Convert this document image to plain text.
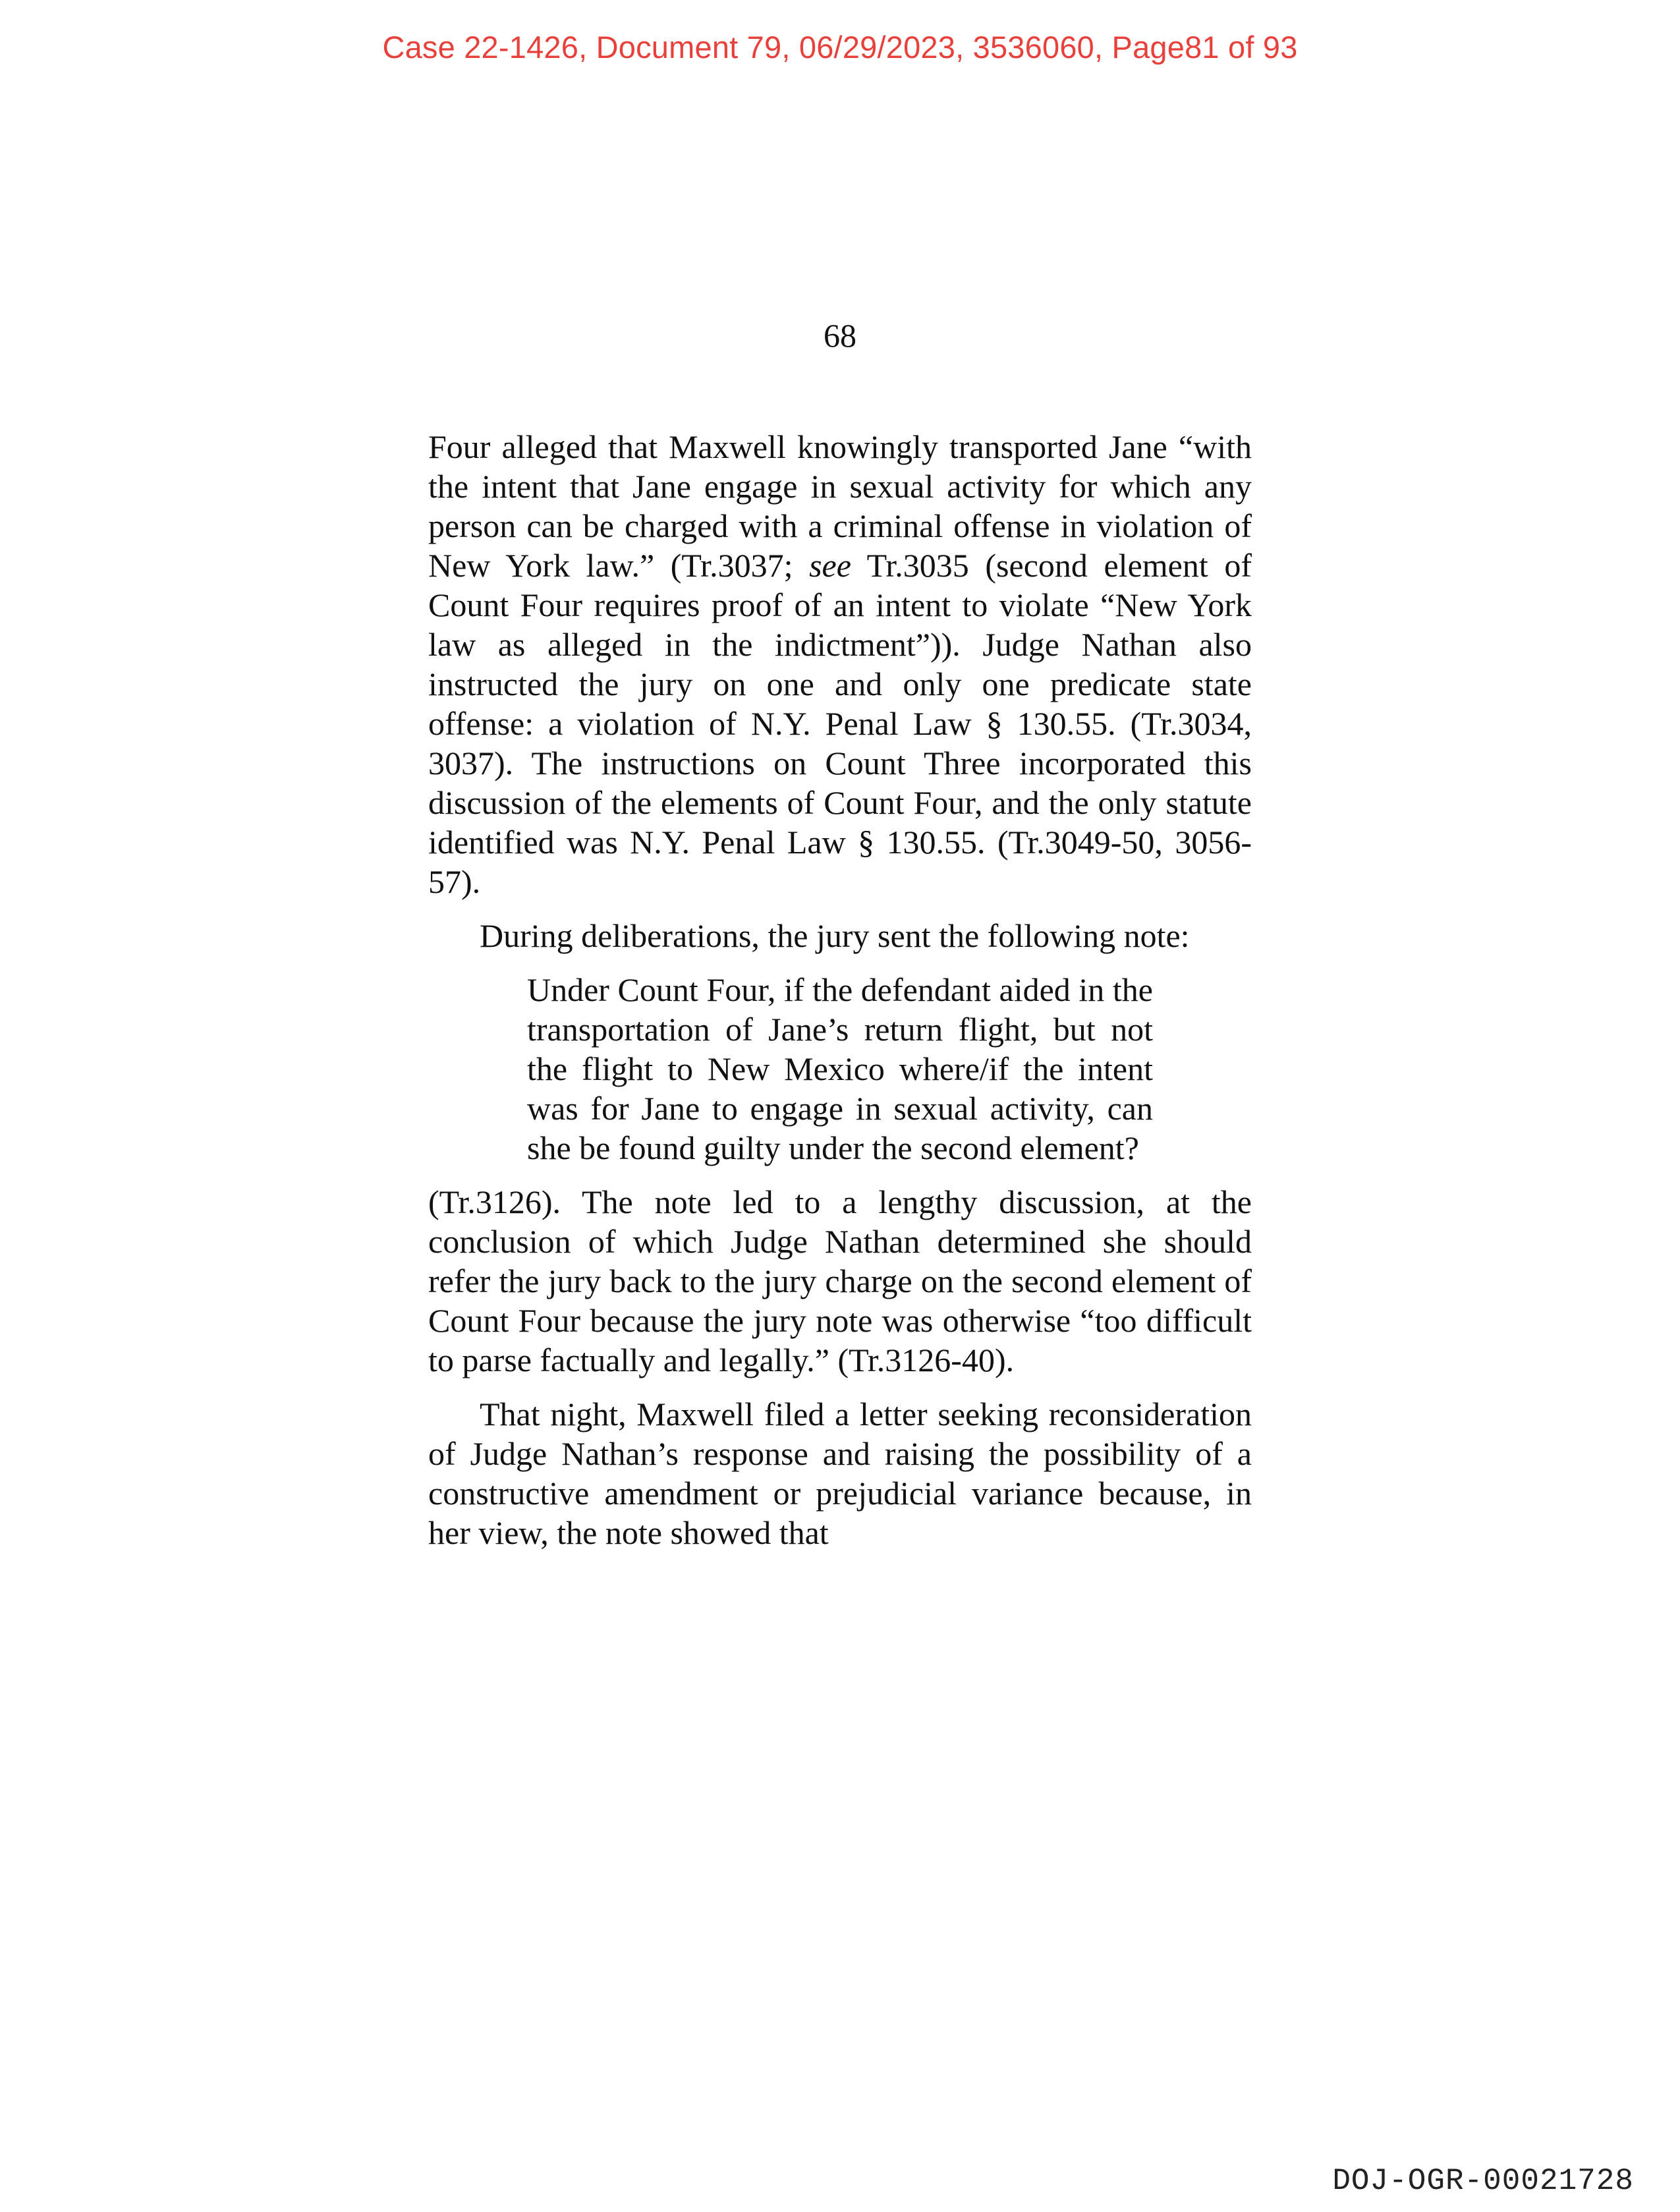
Case 22-1426, Document 79, 06/29/2023, 3536060, Page81 of 93
68

Four alleged that Maxwell knowingly transported Jane “with the intent that Jane engage in sexual activity for which any person can be charged with a criminal offense in violation of New York law.” (Tr.3037; see Tr.3035 (second element of Count Four requires proof of an intent to violate “New York law as alleged in the indictment”)). Judge Nathan also instructed the jury on one and only one predicate state offense: a violation of N.Y. Penal Law § 130.55. (Tr.3034, 3037). The instructions on Count Three incorporated this discussion of the elements of Count Four, and the only statute identified was N.Y. Penal Law § 130.55. (Tr.3049-50, 3056-57).

During deliberations, the jury sent the following note:

Under Count Four, if the defendant aided in the transportation of Jane’s return flight, but not the flight to New Mexico where/if the intent was for Jane to engage in sexual activity, can she be found guilty under the second element?

(Tr.3126). The note led to a lengthy discussion, at the conclusion of which Judge Nathan determined she should refer the jury back to the jury charge on the second element of Count Four because the jury note was otherwise “too difficult to parse factually and legally.” (Tr.3126-40).

That night, Maxwell filed a letter seeking reconsideration of Judge Nathan’s response and raising the possibility of a constructive amendment or prejudicial variance because, in her view, the note showed that

DOJ-OGR-00021728
